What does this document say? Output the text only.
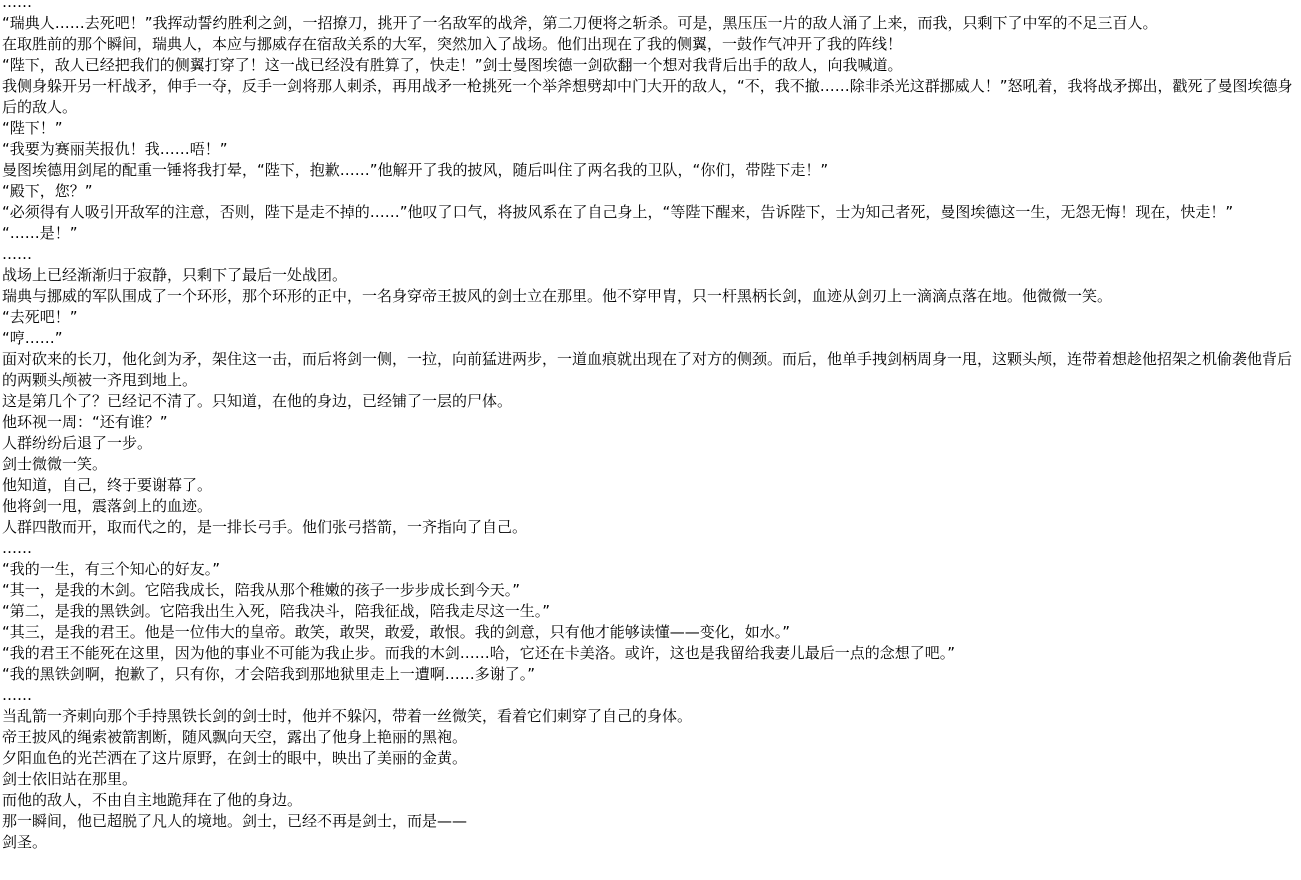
……

“瑞典人……去死吧！”我挥动誓约胜利之剑，一招撩刀，挑开了一名敌军的战斧，第二刀便将之斩杀。可是，黑压压一片的敌人涌了上来，而我，只剩下了中军的不足三百人。

在取胜前的那个瞬间，瑞典人，本应与挪威存在宿敌关系的大军，突然加入了战场。他们出现在了我的侧翼，一鼓作气冲开了我的阵线！

“陛下，敌人已经把我们的侧翼打穿了！这一战已经没有胜算了，快走！”剑士曼图埃德一剑砍翻一个想对我背后出手的敌人，向我喊道。

我侧身躲开另一杆战矛，伸手一夺，反手一剑将那人刺杀，再用战矛一枪挑死一个举斧想劈却中门大开的敌人，“不，我不撤……除非杀光这群挪威人！”怒吼着，我将战矛掷出，戳死了曼图埃德身后的敌人。

“陛下！”

“我要为赛丽芙报仇！我……唔！”

曼图埃德用剑尾的配重一锤将我打晕，“陛下，抱歉……”他解开了我的披风，随后叫住了两名我的卫队，“你们，带陛下走！”

“殿下，您？”

“必须得有人吸引开敌军的注意，否则，陛下是走不掉的……”他叹了口气，将披风系在了自己身上，“等陛下醒来，告诉陛下，士为知己者死，曼图埃德这一生，无怨无悔！现在，快走！”

“……是！”

……

战场上已经渐渐归于寂静，只剩下了最后一处战团。

瑞典与挪威的军队围成了一个环形，那个环形的正中，一名身穿帝王披风的剑士立在那里。他不穿甲胄，只一杆黑柄长剑，血迹从剑刃上一滴滴点落在地。他微微一笑。

“去死吧！”

“哼……”

面对砍来的长刀，他化剑为矛，架住这一击，而后将剑一侧，一拉，向前猛进两步，一道血痕就出现在了对方的侧颈。而后，他单手拽剑柄周身一甩，这颗头颅，连带着想趁他招架之机偷袭他背后的两颗头颅被一齐甩到地上。

这是第几个了？已经记不清了。只知道，在他的身边，已经铺了一层的尸体。

他环视一周：“还有谁？”

人群纷纷后退了一步。

剑士微微一笑。

他知道，自己，终于要谢幕了。

他将剑一甩，震落剑上的血迹。

人群四散而开，取而代之的，是一排长弓手。他们张弓搭箭，一齐指向了自己。

……

“我的一生，有三个知心的好友。”

“其一，是我的木剑。它陪我成长，陪我从那个稚嫩的孩子一步步成长到今天。”

“第二，是我的黑铁剑。它陪我出生入死，陪我决斗，陪我征战，陪我走尽这一生。”

“其三，是我的君王。他是一位伟大的皇帝。敢笑，敢哭，敢爱，敢恨。我的剑意，只有他才能够读懂——变化，如水。”

“我的君王不能死在这里，因为他的事业不可能为我止步。而我的木剑……哈，它还在卡美洛。或许，这也是我留给我妻儿最后一点的念想了吧。”

“我的黑铁剑啊，抱歉了，只有你，才会陪我到那地狱里走上一遭啊……多谢了。”

……

当乱箭一齐刺向那个手持黑铁长剑的剑士时，他并不躲闪，带着一丝微笑，看着它们刺穿了自己的身体。

帝王披风的绳索被箭割断，随风飘向天空，露出了他身上艳丽的黑袍。

夕阳血色的光芒洒在了这片原野，在剑士的眼中，映出了美丽的金黄。

剑士依旧站在那里。

而他的敌人，不由自主地跪拜在了他的身边。

那一瞬间，他已超脱了凡人的境地。剑士，已经不再是剑士，而是——

剑圣。
